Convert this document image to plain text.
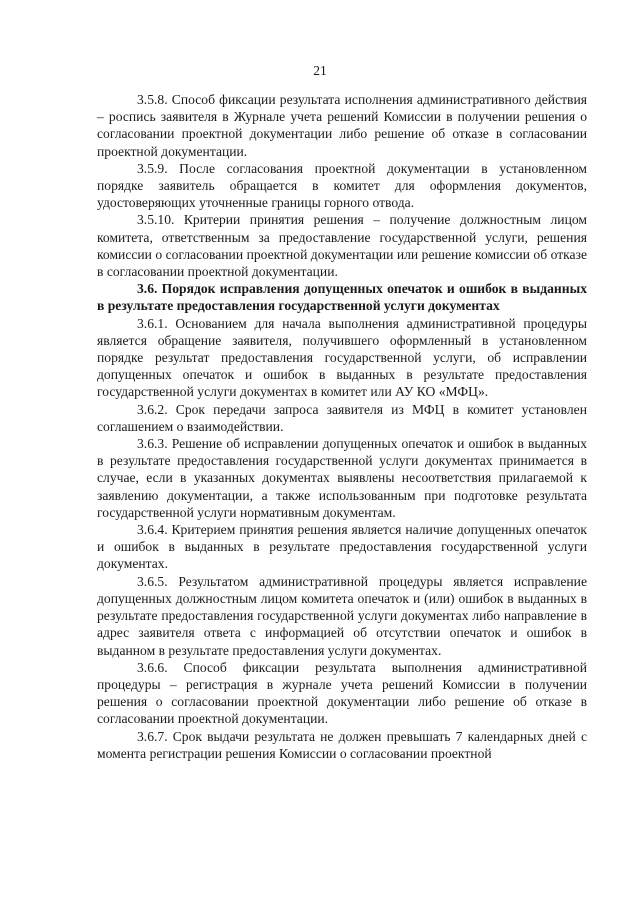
21

3.5.8. Способ фиксации результата исполнения административного действия – роспись заявителя в Журнале учета решений Комиссии в получении решения о согласовании проектной документации либо решение об отказе в согласовании проектной документации.

3.5.9. После согласования проектной документации в установленном порядке заявитель обращается в комитет для оформления документов, удостоверяющих уточненные границы горного отвода.

3.5.10. Критерии принятия решения – получение должностным лицом комитета, ответственным за предоставление государственной услуги, решения комиссии о согласовании проектной документации или решение комиссии об отказе в согласовании проектной документации.

3.6. Порядок исправления допущенных опечаток и ошибок в выданных в результате предоставления государственной услуги документах

3.6.1. Основанием для начала выполнения административной процедуры является обращение заявителя, получившего оформленный в установленном порядке результат предоставления государственной услуги, об исправлении допущенных опечаток и ошибок в выданных в результате предоставления государственной услуги документах в комитет или АУ КО «МФЦ».

3.6.2. Срок передачи запроса заявителя из МФЦ в комитет установлен соглашением о взаимодействии.

3.6.3. Решение об исправлении допущенных опечаток и ошибок в выданных в результате предоставления государственной услуги документах принимается в случае, если в указанных документах выявлены несоответствия прилагаемой к заявлению документации, а также использованным при подготовке результата государственной услуги нормативным документам.

3.6.4. Критерием принятия решения является наличие допущенных опечаток и ошибок в выданных в результате предоставления государственной услуги документах.

3.6.5. Результатом административной процедуры является исправление допущенных должностным лицом комитета опечаток и (или) ошибок в выданных в результате предоставления государственной услуги документах либо направление в адрес заявителя ответа с информацией об отсутствии опечаток и ошибок в выданном в результате предоставления услуги документах.

3.6.6. Способ фиксации результата выполнения административной процедуры – регистрация в журнале учета решений Комиссии в получении решения о согласовании проектной документации либо решение об отказе в согласовании проектной документации.

3.6.7. Срок выдачи результата не должен превышать 7 календарных дней с момента регистрации решения Комиссии о согласовании проектной
